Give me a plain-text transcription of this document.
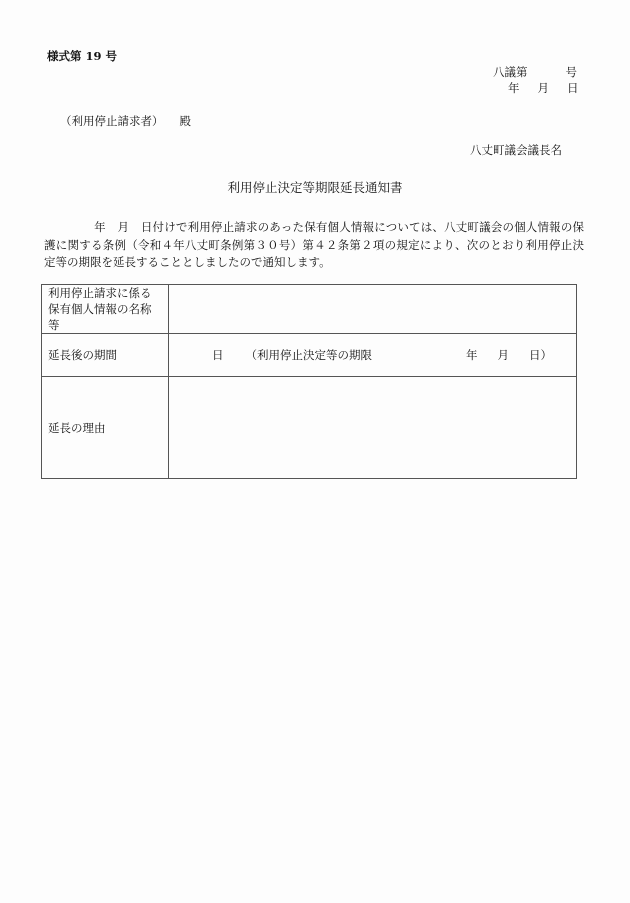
様式第 19 号
八議第	号
年 月 日
（利用停止請求者） 殿
八丈町議会議長名
利用停止決定等期限延長通知書
年　月　日付けで利用停止請求のあった保有個人情報については、八丈町議会の個人情報の保護に関する条例（令和４年八丈町条例第３０号）第４２条第２項の規定により、次のとおり利用停止決定等の期限を延長することとしましたので通知します。
利用停止請求に係る保有個人情報の名称等	
延長後の期間	日 （利用停止決定等の期限 年 月 日）
延長の理由	
